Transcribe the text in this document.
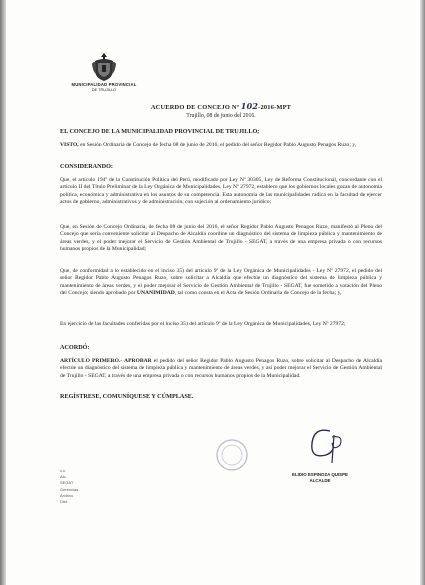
MUNICIPALIDAD PROVINCIAL
DE TRUJILLO
ACUERDO DE CONCEJO Nº 102-2016-MPT
Trujillo, 08 de junio del 2016.
EL CONCEJO DE LA MUNICIPALIDAD PROVINCIAL DE TRUJILLO;
VISTO, en Sesión Ordinaria de Concejo de fecha 08 de junio de 2016, el pedido del señor Regidor Pablo Augusto Penagos Ruzo; y,
CONSIDERANDO:
Que, el artículo 194º de la Constitución Política del Perú, modificado por Ley Nº 30305, Ley de Reforma Constitucional, concordante con el artículo II del Título Preliminar de la Ley Orgánica de Municipalidades, Ley Nº 27972, establece que los gobiernos locales gozan de autonomía política, económica y administrativa en los asuntos de su competencia. Esta autonomía de las municipalidades radica en la facultad de ejercer actos de gobierno, administrativos y de administración, con sujeción al ordenamiento jurídico;
Que, en Sesión de Concejo Ordinaria, de fecha 08 de junio del 2016, el señor Regidor Pablo Augusto Penagos Ruzo, manifestó al Pleno del Concejo que sería conveniente solicitar al Despacho de Alcaldía coordine un diagnóstico del sistema de limpieza pública y mantenimiento de áreas verdes, y el poder mejorar el Servicio de Gestión Ambiental de Trujillo - SEGAT, a través de una empresa privada o con recursos humanos propios de la Municipalidad;
Que, de conformidad a lo establecido en el inciso 35) del artículo 9º de la Ley Orgánica de Municipalidades - Ley Nº 27972, el pedido del señor Regidor Pablo Augusto Penagos Ruzo, sobre solicitar a Alcaldía que efectúe un diagnóstico del sistema de limpieza pública y mantenimiento de áreas verdes, y el poder mejorar el Servicio de Gestión Ambiental de Trujillo - SEGAT, fue sometido a votación del Pleno del Concejo; siendo aprobado por UNANIMIDAD, tal como consta en el Acta de Sesión Ordinaria de Concejo de la fecha; y,
En ejercicio de las facultades conferidas por el inciso 35) del artículo 9º de la Ley Orgánica de Municipalidades, Ley Nº 27972;
ACORDÓ:
ARTÍCULO PRIMERO.- APROBAR el pedido del señor Regidor Pablo Augusto Penagos Ruzo, sobre solicitar al Despacho de Alcaldía efectúe un diagnóstico del sistema de limpieza pública y mantenimiento de áreas verdes, y así poder mejorar el Servicio de Gestión Ambiental de Trujillo - SEGAT, a través de una empresa privada o con recursos humanos propios de la Municipalidad.
REGÍSTRESE, COMUNÍQUESE Y CÚMPLASE.
ELIDIO ESPINOZA QUISPE
ALCALDE
c.c.
Alc.
SEGAT
Gerencias
Archivo
Dist.
